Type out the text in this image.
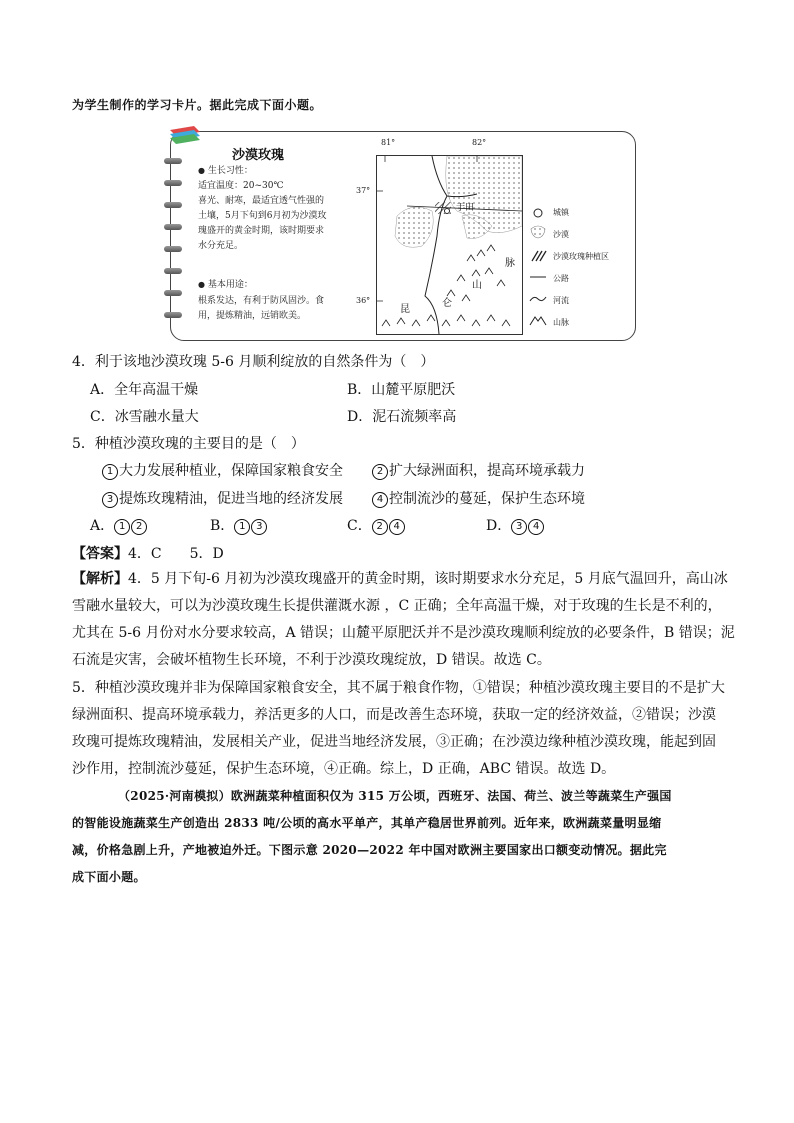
为学生制作的学习卡片。据此完成下面小题。
沙漠玫瑰
● 生长习性：
适宜温度：20~30℃
喜光、耐寒，最适宜透气性强的
土壤，5月下旬到6月初为沙漠玫
瑰盛开的黄金时期，该时期要求
水分充足。
● 基本用途：
根系发达，有利于防风固沙。食
用，提炼精油，远销欧美。
81°	82°
37°
36°
于田
昆
仑
山
脉
城镇
沙漠
沙漠玫瑰种植区
公路
河流
山脉
4．利于该地沙漠玫瑰 5-6 月顺利绽放的自然条件为（　）
A．全年高温干燥	B．山麓平原肥沃
C．冰雪融水量大	D．泥石流频率高
5．种植沙漠玫瑰的主要目的是（　）
1 大力发展种植业，保障国家粮食安全	2 扩大绿洲面积，提高环境承载力
3 提炼玫瑰精油，促进当地的经济发展	4 控制流沙的蔓延，保护生态环境
A． 1 2	B． 1 3	C． 2 4	D． 3 4
【答案】4．C　　5．D
【解析】4．5 月下旬-6 月初为沙漠玫瑰盛开的黄金时期，该时期要求水分充足，5 月底气温回升，高山冰
雪融水量较大，可以为沙漠玫瑰生长提供灌溉水源 ，C 正确；全年高温干燥，对于玫瑰的生长是不利的，
尤其在 5-6 月份对水分要求较高，A 错误；山麓平原肥沃并不是沙漠玫瑰顺利绽放的必要条件，B 错误；泥
石流是灾害，会破坏植物生长环境，不利于沙漠玫瑰绽放，D 错误。故选 C。
5．种植沙漠玫瑰并非为保障国家粮食安全，其不属于粮食作物，①错误；种植沙漠玫瑰主要目的不是扩大
绿洲面积、提高环境承载力，养活更多的人口，而是改善生态环境，获取一定的经济效益，②错误；沙漠
玫瑰可提炼玫瑰精油，发展相关产业，促进当地经济发展，③正确；在沙漠边缘种植沙漠玫瑰，能起到固
沙作用，控制流沙蔓延，保护生态环境，④正确。综上，D 正确，ABC 错误。故选 D。
（2025·河南模拟）欧洲蔬菜种植面积仅为 315 万公顷，西班牙、法国、荷兰、波兰等蔬菜生产强国
的智能设施蔬菜生产创造出 2833 吨/公顷的高水平单产，其单产稳居世界前列。近年来，欧洲蔬菜量明显缩
减，价格急剧上升，产地被迫外迁。下图示意 2020—2022 年中国对欧洲主要国家出口额变动情况。据此完
成下面小题。
